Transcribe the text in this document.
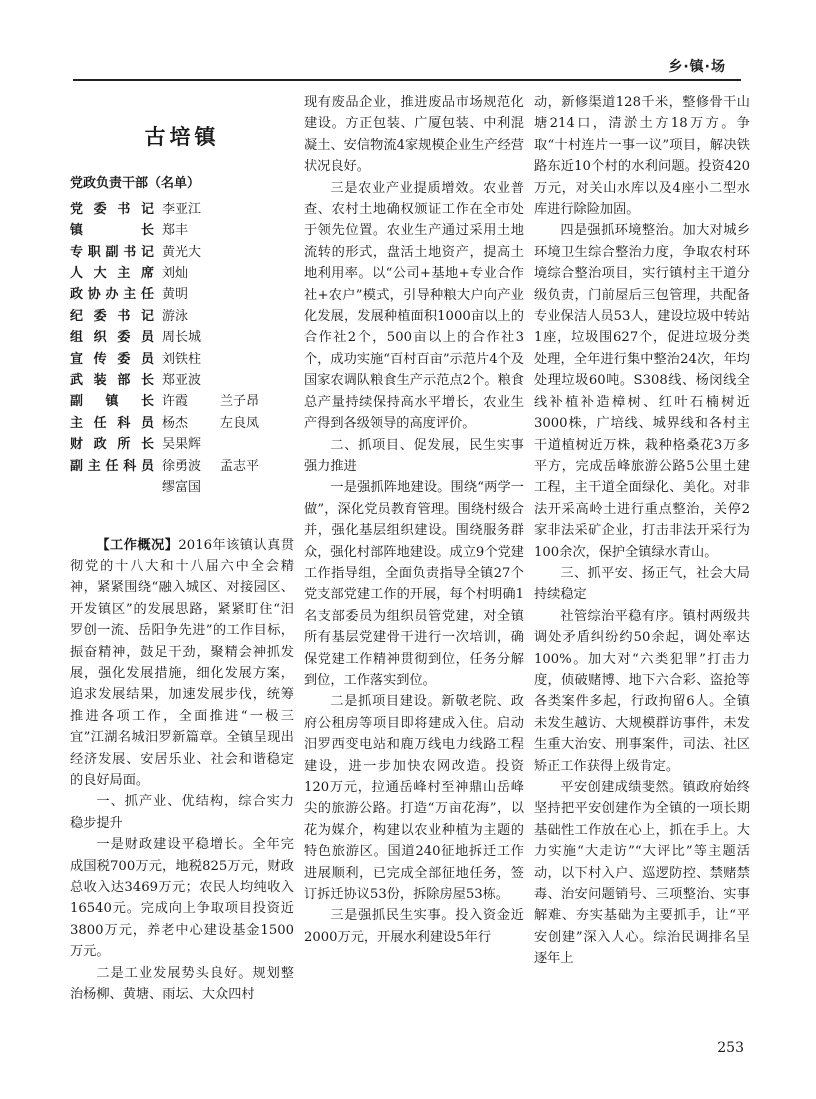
乡·镇·场
古培镇
党政负责干部（名单）
党委书记 李亚江
镇长 郑丰
专职副书记 黄光大
人大主席 刘灿
政协办主任 黄明
纪委书记 游泳
组织委员 周长城
宣传委员 刘铁柱
武装部长 郑亚波
副镇长 许霞	兰子昂
主任科员 杨杰	左良凤
财政所长 吴果辉
副主任科员 徐勇波	孟志平
缪富国

【工作概况】2016年该镇认真贯彻党的十八大和十八届六中全会精神，紧紧围绕“融入城区、对接园区、开发镇区”的发展思路，紧紧盯住“汨罗创一流、岳阳争先进”的工作目标，振奋精神，鼓足干劲，聚精会神抓发展，强化发展措施，细化发展方案，追求发展结果，加速发展步伐，统筹推进各项工作，全面推进“一极三宜”江湖名城汨罗新篇章。全镇呈现出经济发展、安居乐业、社会和谐稳定的良好局面。

一、抓产业、优结构，综合实力稳步提升

一是财政建设平稳增长。全年完成国税700万元，地税825万元，财政总收入达3469万元；农民人均纯收入16540元。完成向上争取项目投资近3800万元，养老中心建设基金1500万元。

二是工业发展势头良好。规划整治杨柳、黄塘、雨坛、大众四村

现有废品企业，推进废品市场规范化建设。方正包装、广厦包装、中利混凝土、安信物流4家规模企业生产经营状况良好。

三是农业产业提质增效。农业普查、农村土地确权颁证工作在全市处于领先位置。农业生产通过采用土地流转的形式，盘活土地资产，提高土地利用率。以“公司+基地+专业合作社+农户”模式，引导种粮大户向产业化发展，发展种植面积1000亩以上的合作社2个，500亩以上的合作社3个，成功实施“百村百亩”示范片4个及国家农调队粮食生产示范点2个。粮食总产量持续保持高水平增长，农业生产得到各级领导的高度评价。

二、抓项目、促发展，民生实事强力推进

一是强抓阵地建设。围绕“两学一做”，深化党员教育管理。围绕村级合并，强化基层组织建设。围绕服务群众，强化村部阵地建设。成立9个党建工作指导组，全面负责指导全镇27个党支部党建工作的开展，每个村明确1名支部委员为组织员管党建，对全镇所有基层党建骨干进行一次培训，确保党建工作精神贯彻到位，任务分解到位，工作落实到位。

二是抓项目建设。新敬老院、政府公租房等项目即将建成入住。启动汨罗西变电站和鹿万线电力线路工程建设，进一步加快农网改造。投资120万元，拉通岳峰村至神鼎山岳峰尖的旅游公路。打造“万亩花海”，以花为媒介，构建以农业种植为主题的特色旅游区。国道240征地拆迁工作进展顺利，已完成全部征地任务，签订拆迁协议53份，拆除房屋53栋。

三是强抓民生实事。投入资金近2000万元，开展水利建设5年行

动，新修渠道128千米，整修骨干山塘214口，清淤土方18万方。争取“十村连片一事一议”项目，解决铁路东近10个村的水利问题。投资420万元，对关山水库以及4座小二型水库进行除险加固。

四是强抓环境整治。加大对城乡环境卫生综合整治力度，争取农村环境综合整治项目，实行镇村主干道分级负责，门前屋后三包管理，共配备专业保洁人员53人，建设垃圾中转站1座，垃圾围627个，促进垃圾分类处理，全年进行集中整治24次，年均处理垃圾60吨。S308线、杨闵线全线补植补造樟树、红叶石楠树近3000株，广培线、城界线和各村主干道植树近万株，栽种格桑花3万多平方，完成岳峰旅游公路5公里土建工程，主干道全面绿化、美化。对非法开采高岭土进行重点整治，关停2家非法采矿企业，打击非法开采行为100余次，保护全镇绿水青山。

三、抓平安、扬正气，社会大局持续稳定

社管综治平稳有序。镇村两级共调处矛盾纠纷约50余起，调处率达100%。加大对“六类犯罪”打击力度，侦破赌博、地下六合彩、盗抢等各类案件多起，行政拘留6人。全镇未发生越访、大规模群访事件，未发生重大治安、刑事案件，司法、社区矫正工作获得上级肯定。

平安创建成绩斐然。镇政府始终坚持把平安创建作为全镇的一项长期基础性工作放在心上，抓在手上。大力实施“大走访”“大评比”等主题活动，以下村入户、巡逻防控、禁赌禁毒、治安问题销号、三项整治、实事解难、夯实基础为主要抓手，让“平安创建”深入人心。综治民调排名呈逐年上

253
